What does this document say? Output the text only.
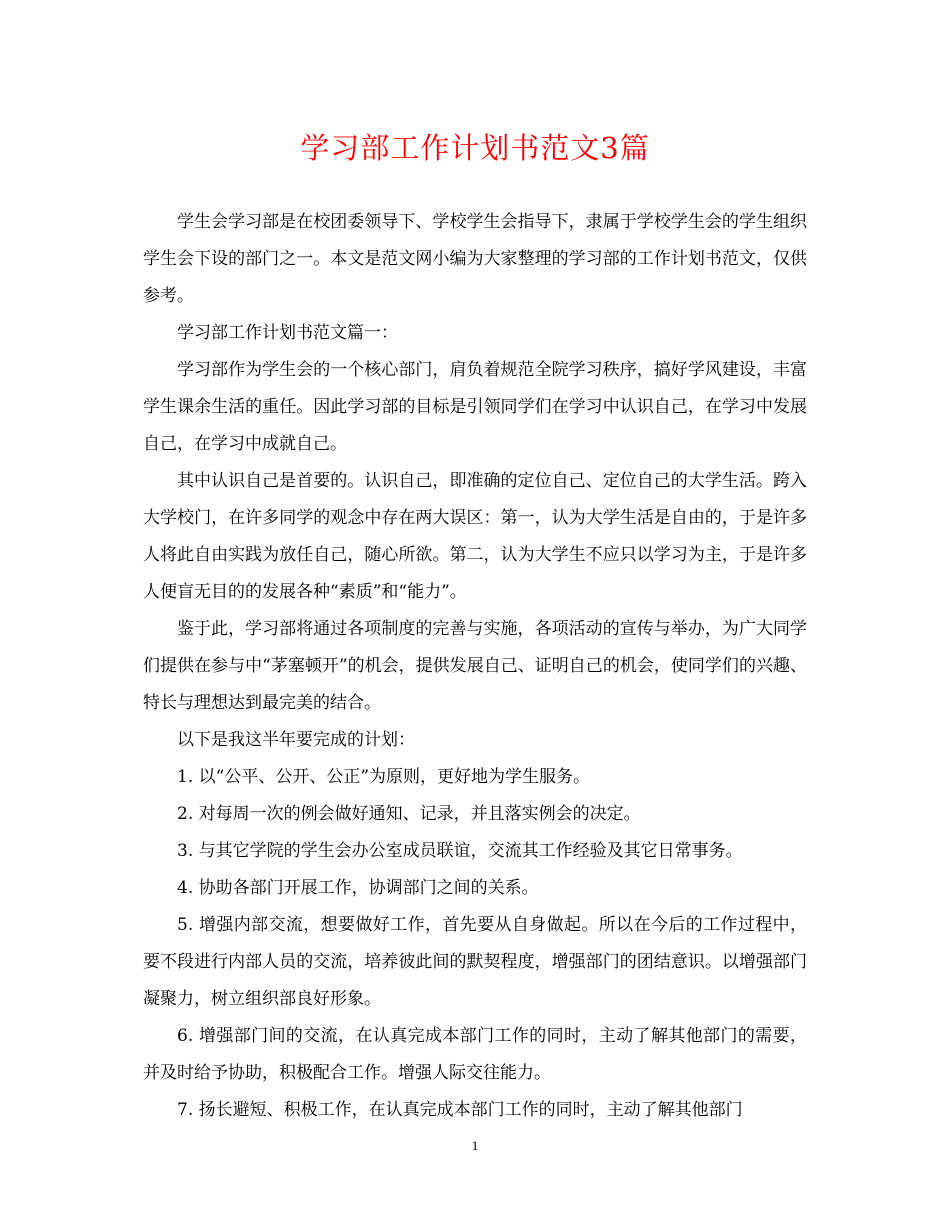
学习部工作计划书范文3篇

学生会学习部是在校团委领导下、学校学生会指导下，隶属于学校学生会的学生组织学生会下设的部门之一。本文是范文网小编为大家整理的学习部的工作计划书范文，仅供参考。

学习部工作计划书范文篇一：

学习部作为学生会的一个核心部门，肩负着规范全院学习秩序，搞好学风建设，丰富学生课余生活的重任。因此学习部的目标是引领同学们在学习中认识自己，在学习中发展自己，在学习中成就自己。

其中认识自己是首要的。认识自己，即准确的定位自己、定位自己的大学生活。跨入大学校门，在许多同学的观念中存在两大误区：第一，认为大学生活是自由的，于是许多人将此自由实践为放任自己，随心所欲。第二，认为大学生不应只以学习为主，于是许多人便盲无目的的发展各种“素质”和“能力”。

鉴于此，学习部将通过各项制度的完善与实施，各项活动的宣传与举办，为广大同学们提供在参与中“茅塞顿开”的机会，提供发展自己、证明自己的机会，使同学们的兴趣、特长与理想达到最完美的结合。

以下是我这半年要完成的计划：

1. 以“公平、公开、公正”为原则，更好地为学生服务。

2. 对每周一次的例会做好通知、记录，并且落实例会的决定。

3. 与其它学院的学生会办公室成员联谊，交流其工作经验及其它日常事务。

4. 协助各部门开展工作，协调部门之间的关系。

5. 增强内部交流，想要做好工作，首先要从自身做起。所以在今后的工作过程中，要不段进行内部人员的交流，培养彼此间的默契程度，增强部门的团结意识。以增强部门凝聚力，树立组织部良好形象。

6. 增强部门间的交流，在认真完成本部门工作的同时，主动了解其他部门的需要，并及时给予协助，积极配合工作。增强人际交往能力。

7. 扬长避短、积极工作，在认真完成本部门工作的同时，主动了解其他部门

1
